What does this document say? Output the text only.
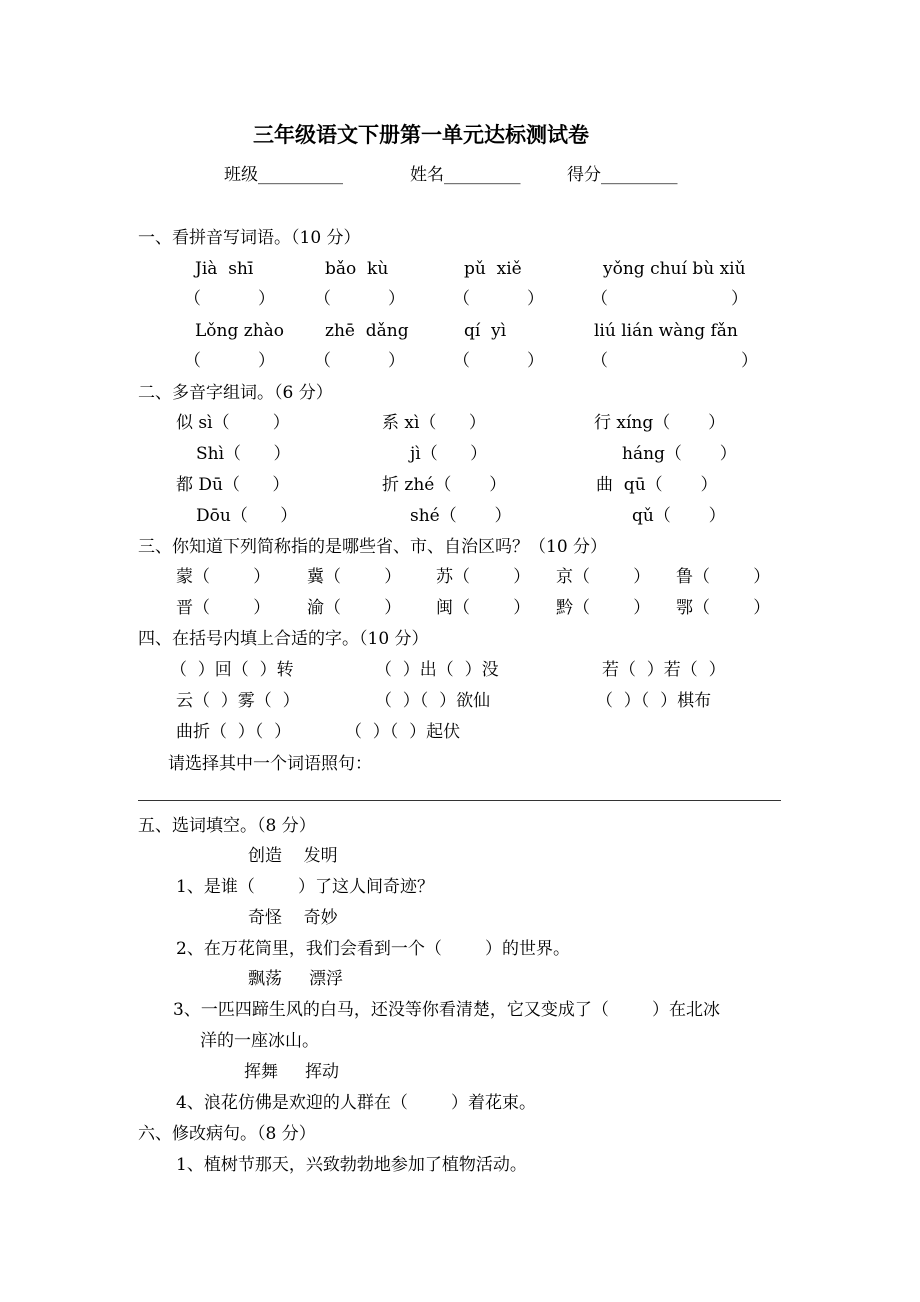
三年级语文下册第一单元达标测试卷
班级__________	姓名_________	得分_________
一、看拼音写词语。（10 分）
Jià  shī	bǎo  kù	pǔ  xiě	yǒng chuí bù xiǔ
（	） （	）	（	）	（	）
Lǒng zhào zhē  dǎng	qí  yì	liú lián wàng fǎn
（	） （	）	（	）	（	）
二、多音字组词。（6 分）
似 sì（        ）	系 xì（      ）	行 xíng（       ）
Shì（      ）	jì（      ）	háng（       ）
都 Dū（      ）	折 zhé（       ）	曲  qū（       ）
Dōu（      ）	shé（       ）	qǔ（       ）
三、你知道下列简称指的是哪些省、市、自治区吗？（10 分）
蒙（        ） 冀（        ） 苏（        ） 京（        ） 鲁（        ）
晋（        ） 渝（        ） 闽（        ） 黔（        ） 鄂（        ）
四、在括号内填上合适的字。（10 分）
（  ）回（  ）转	（  ）出（  ）没	若（  ）若（  ）
云（  ）雾（  ）	（  ）（  ）欲仙	（  ）（  ）棋布
曲折（  ）（  ）	（  ）（  ）起伏
请选择其中一个词语照句：
五、选词填空。（8 分）
创造    发明
1、是谁（        ）了这人间奇迹？
奇怪    奇妙
2、在万花筒里，我们会看到一个（        ）的世界。
飘荡     漂浮
3、一匹四蹄生风的白马，还没等你看清楚，它又变成了（        ）在北冰
洋的一座冰山。
挥舞     挥动
4、浪花仿佛是欢迎的人群在（        ）着花束。
六、修改病句。（8 分）
1、植树节那天，兴致勃勃地参加了植物活动。
